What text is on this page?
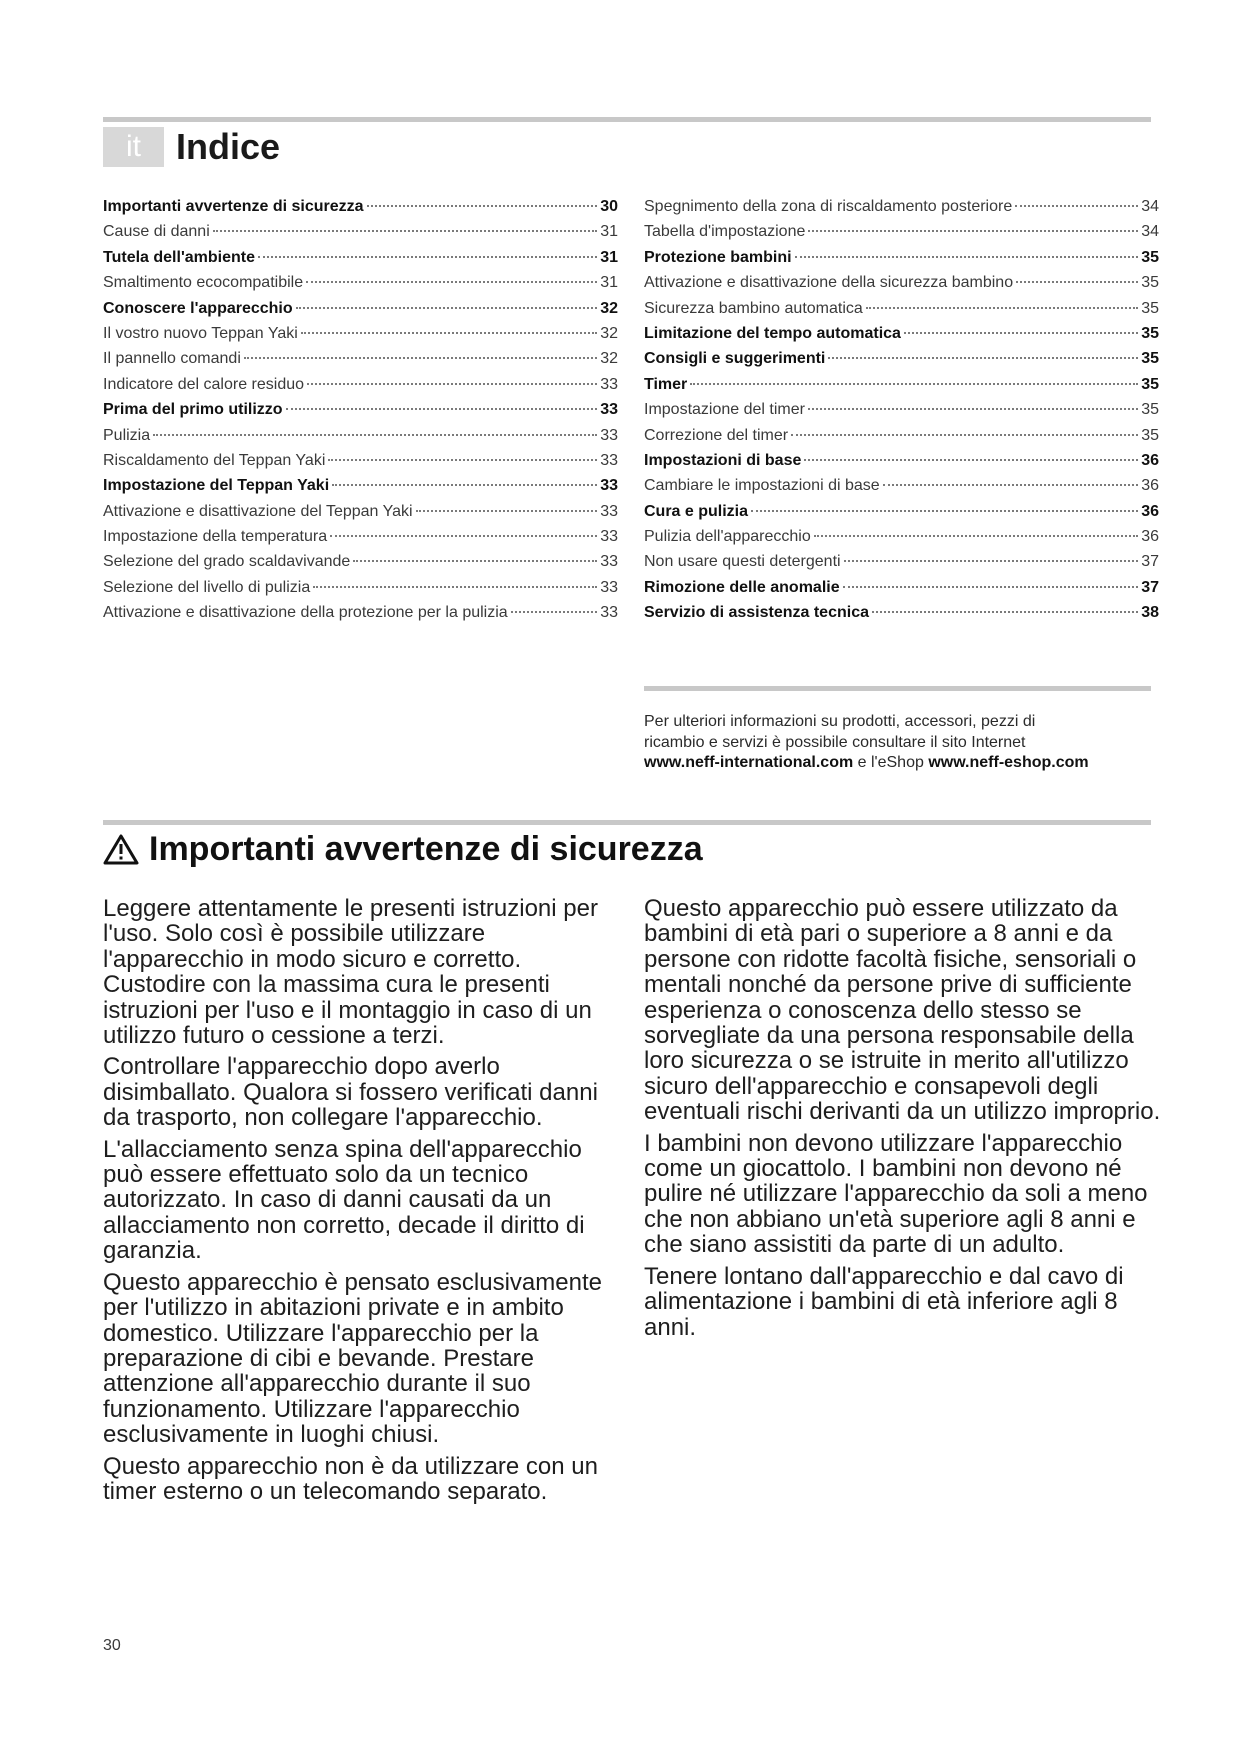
it Indice
Importanti avvertenze di sicurezza	30
Cause di danni	31
Tutela dell'ambiente	31
Smaltimento ecocompatibile	31
Conoscere l'apparecchio	32
Il vostro nuovo Teppan Yaki	32
Il pannello comandi	32
Indicatore del calore residuo	33
Prima del primo utilizzo	33
Pulizia	33
Riscaldamento del Teppan Yaki	33
Impostazione del Teppan Yaki	33
Attivazione e disattivazione del Teppan Yaki	33
Impostazione della temperatura	33
Selezione del grado scaldavivande	33
Selezione del livello di pulizia	33
Attivazione e disattivazione della protezione per la pulizia	33
Spegnimento della zona di riscaldamento posteriore	34
Tabella d'impostazione	34
Protezione bambini	35
Attivazione e disattivazione della sicurezza bambino	35
Sicurezza bambino automatica	35
Limitazione del tempo automatica	35
Consigli e suggerimenti	35
Timer	35
Impostazione del timer	35
Correzione del timer	35
Impostazioni di base	36
Cambiare le impostazioni di base	36
Cura e pulizia	36
Pulizia dell'apparecchio	36
Non usare questi detergenti	37
Rimozione delle anomalie	37
Servizio di assistenza tecnica	38
Per ulteriori informazioni su prodotti, accessori, pezzi di
ricambio e servizi è possibile consultare il sito Internet
www.neff-international.com e l'eShop www.neff-eshop.com
Importanti avvertenze di sicurezza

Leggere attentamente le presenti istruzioni per l'uso. Solo così è possibile utilizzare l'apparecchio in modo sicuro e corretto. Custodire con la massima cura le presenti istruzioni per l'uso e il montaggio in caso di un utilizzo futuro o cessione a terzi.

Controllare l'apparecchio dopo averlo disimballato. Qualora si fossero verificati danni da trasporto, non collegare l'apparecchio.

L'allacciamento senza spina dell'apparecchio può essere effettuato solo da un tecnico autorizzato. In caso di danni causati da un allacciamento non corretto, decade il diritto di garanzia.

Questo apparecchio è pensato esclusivamente per l'utilizzo in abitazioni private e in ambito domestico. Utilizzare l'apparecchio per la preparazione di cibi e bevande. Prestare attenzione all'apparecchio durante il suo funzionamento. Utilizzare l'apparecchio esclusivamente in luoghi chiusi.

Questo apparecchio non è da utilizzare con un timer esterno o un telecomando separato.

Questo apparecchio può essere utilizzato da bambini di età pari o superiore a 8 anni e da persone con ridotte facoltà fisiche, sensoriali o mentali nonché da persone prive di sufficiente esperienza o conoscenza dello stesso se sorvegliate da una persona responsabile della loro sicurezza o se istruite in merito all'utilizzo sicuro dell'apparecchio e consapevoli degli eventuali rischi derivanti da un utilizzo improprio.

I bambini non devono utilizzare l'apparecchio come un giocattolo. I bambini non devono né pulire né utilizzare l'apparecchio da soli a meno che non abbiano un'età superiore agli 8 anni e che siano assistiti da parte di un adulto.

Tenere lontano dall'apparecchio e dal cavo di alimentazione i bambini di età inferiore agli 8 anni.

30
